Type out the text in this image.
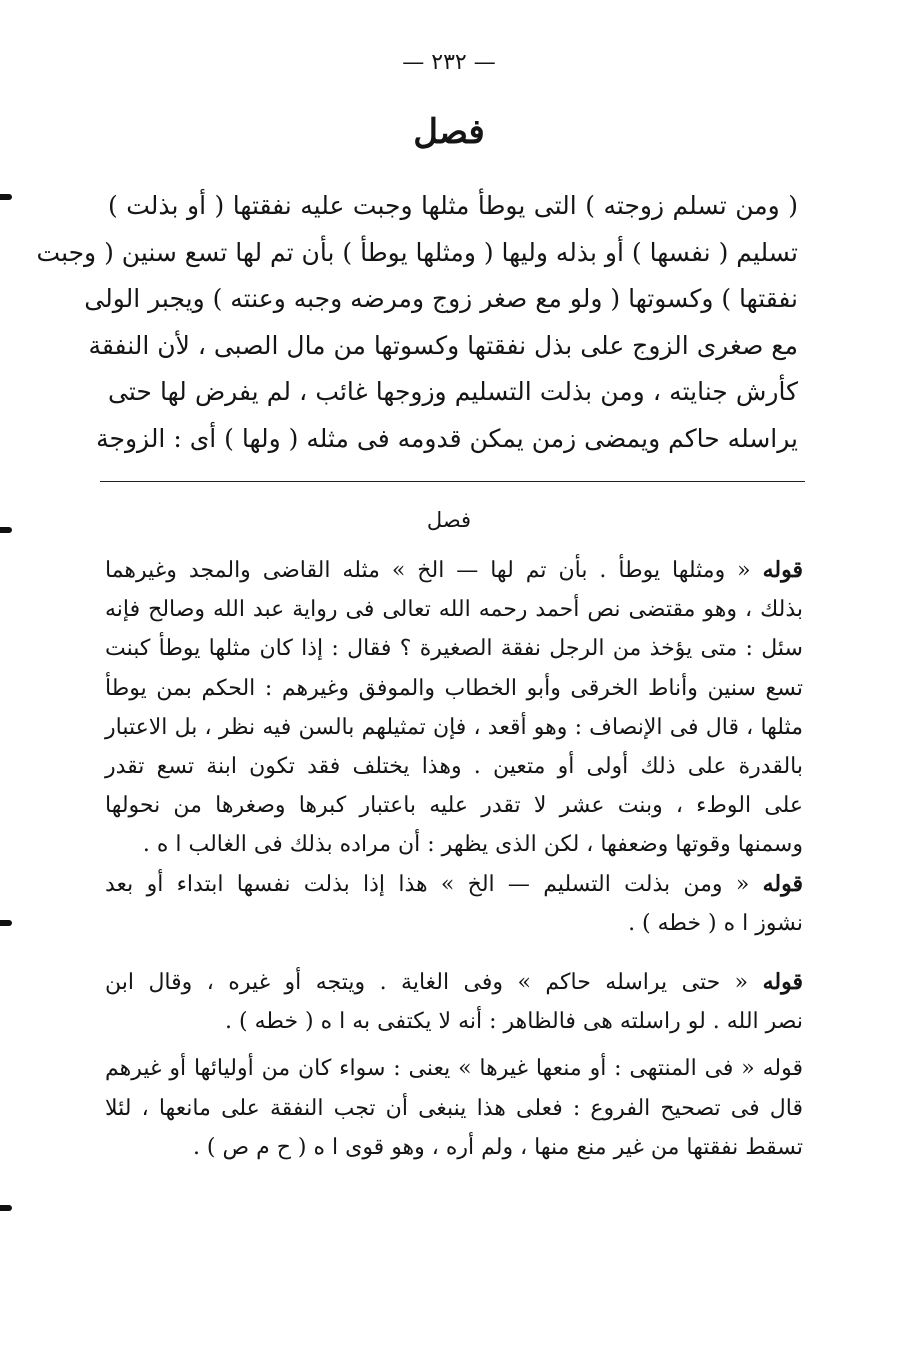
— ٢٣٢ —
فصل
( ومن تسلم زوجته ) التى يوطأ مثلها وجبت عليه نفقتها ( أو بذلت )
تسليم ( نفسها ) أو بذله وليها ( ومثلها يوطأ ) بأن تم لها تسع سنين ( وجبت
نفقتها ) وكسوتها ( ولو مع صغر زوج ومرضه وجبه وعنته ) ويجبر الولى
مع صغرى الزوج على بذل نفقتها وكسوتها من مال الصبى ، لأن النفقة
كأرش جنايته ، ومن بذلت التسليم وزوجها غائب ، لم يفرض لها حتى
يراسله حاكم ويمضى زمن يمكن قدومه فى مثله ( ولها ) أى : الزوجة
فصل
قوله « ومثلها يوطأ . بأن تم لها — الخ » مثله القاضى والمجد وغيرهما
بذلك ، وهو مقتضى نص أحمد رحمه الله تعالى فى رواية عبد الله وصالح فإنه
سئل : متى يؤخذ من الرجل نفقة الصغيرة ؟ فقال : إذا كان مثلها يوطأ كبنت
تسع سنين وأناط الخرقى وأبو الخطاب والموفق وغيرهم : الحكم بمن يوطأ
مثلها ، قال فى الإنصاف : وهو أقعد ، فإن تمثيلهم بالسن فيه نظر ، بل الاعتبار
بالقدرة على ذلك أولى أو متعين . وهذا يختلف فقد تكون ابنة تسع تقدر
على الوطء ، وبنت عشر لا تقدر عليه باعتبار كبرها وصغرها من نحولها
وسمنها وقوتها وضعفها ، لكن الذى يظهر : أن مراده بذلك فى الغالب ا ه .
قوله « ومن بذلت التسليم — الخ » هذا إذا بذلت نفسها ابتداء أو بعد
نشوز ا ه ( خطه ) .
قوله « حتى يراسله حاكم » وفى الغاية . ويتجه أو غيره ، وقال ابن
نصر الله . لو راسلته هى فالظاهر : أنه لا يكتفى به ا ه ( خطه ) .
قوله « فى المنتهى : أو منعها غيرها » يعنى : سواء كان من أوليائها أو غيرهم
قال فى تصحيح الفروع : فعلى هذا ينبغى أن تجب النفقة على مانعها ، لئلا
تسقط نفقتها من غير منع منها ، ولم أره ، وهو قوى ا ه ( ح م ص ) .
